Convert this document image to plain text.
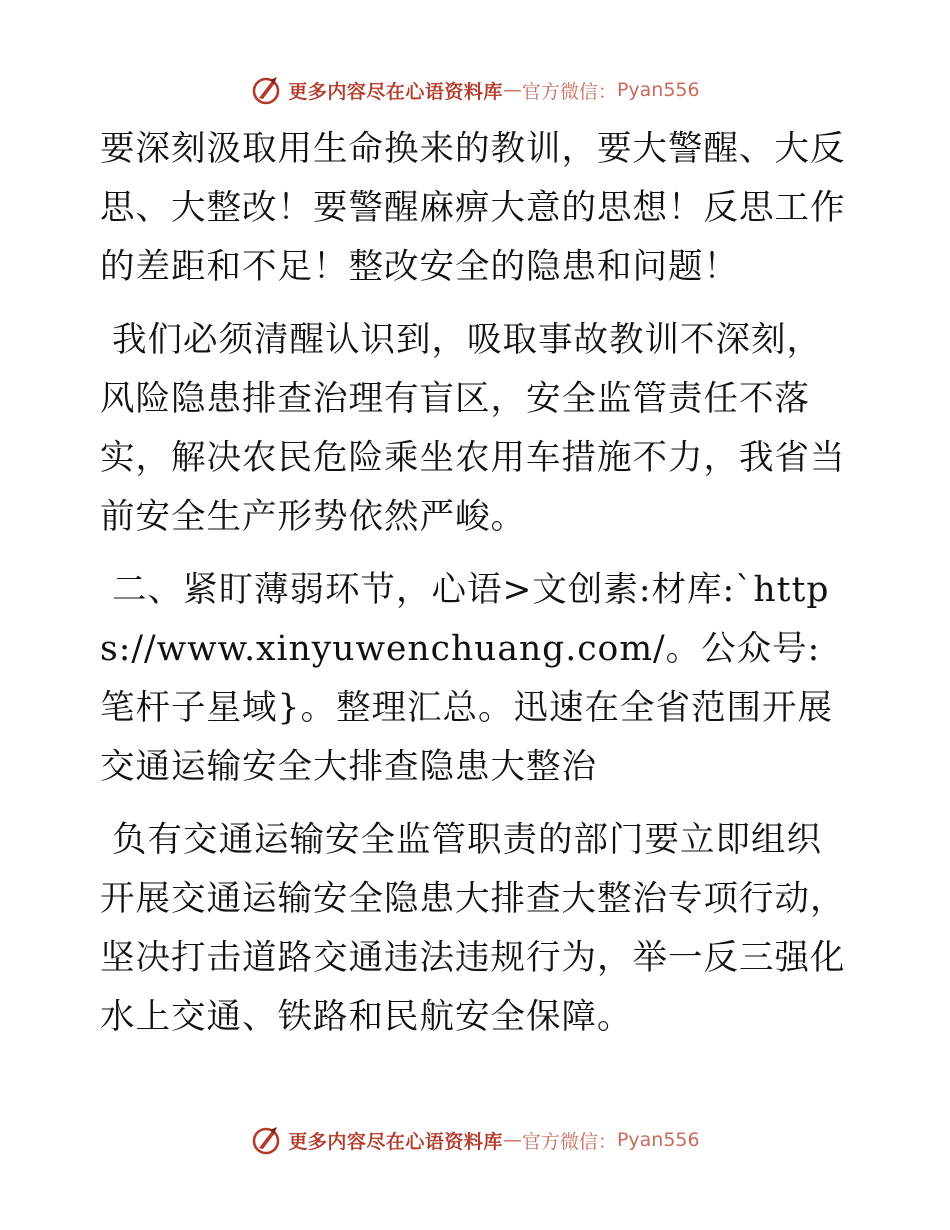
更多内容尽在心语资料库 — 官方微信： Pyan556

要深刻汲取用生命换来的教训，要大警醒、大反思、大整改！要警醒麻痹大意的思想！反思工作的差距和不足！整改安全的隐患和问题！

我们必须清醒认识到，吸取事故教训不深刻，风险隐患排查治理有盲区，安全监管责任不落实，解决农民危险乘坐农用车措施不力，我省当前安全生产形势依然严峻。

二、紧盯薄弱环节，心语>文创素:材库:`https://www.xinyuwenchuang.com/。公众号: 笔杆子星域}。整理汇总。迅速在全省范围开展交通运输安全大排查隐患大整治

负有交通运输安全监管职责的部门要立即组织开展交通运输安全隐患大排查大整治专项行动，坚决打击道路交通违法违规行为，举一反三强化水上交通、铁路和民航安全保障。

更多内容尽在心语资料库 — 官方微信： Pyan556
